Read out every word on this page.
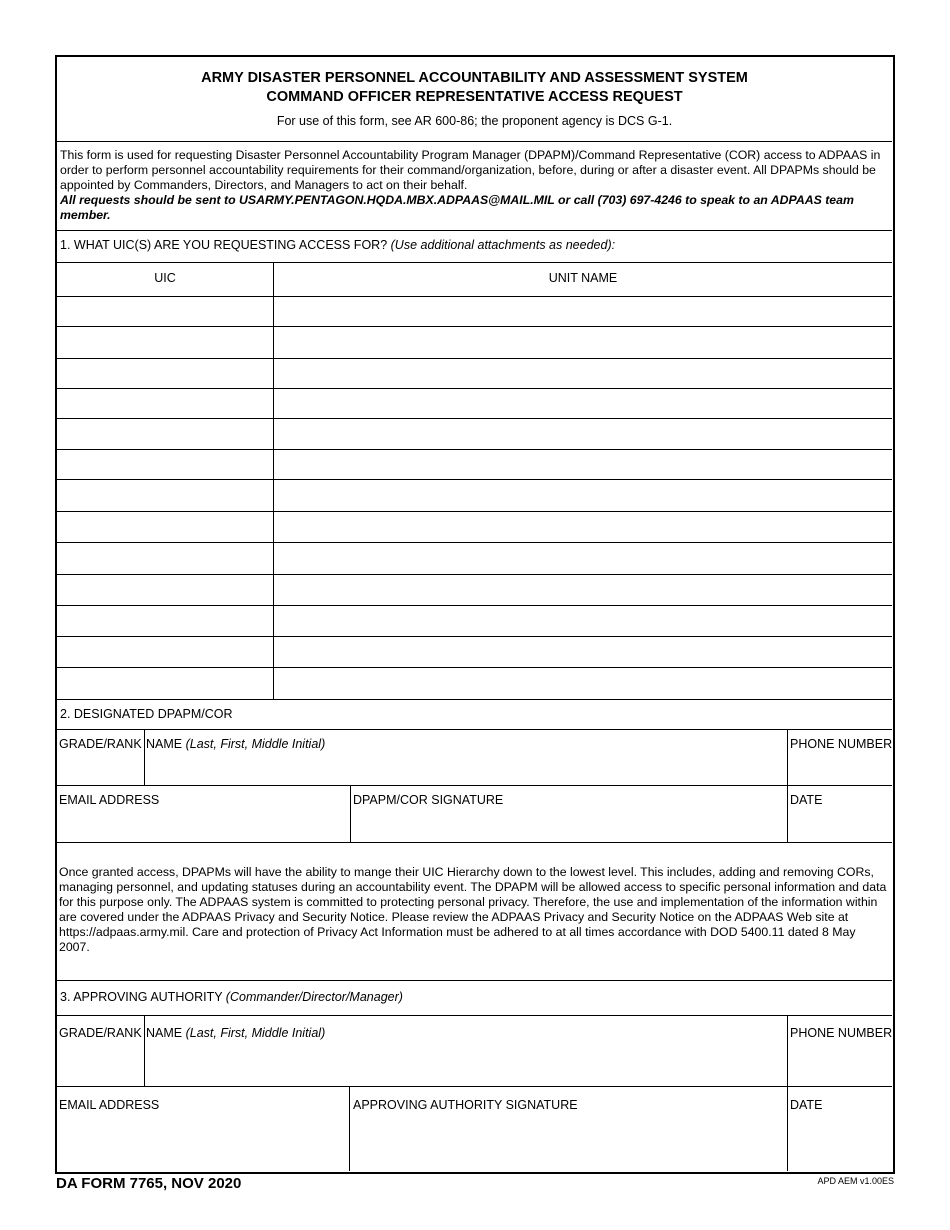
ARMY DISASTER PERSONNEL ACCOUNTABILITY AND ASSESSMENT SYSTEM
COMMAND OFFICER REPRESENTATIVE ACCESS REQUEST
For use of this form, see AR 600-86; the proponent agency is DCS G-1.
This form is used for requesting Disaster Personnel Accountability Program Manager (DPAPM)/Command Representative (COR) access to ADPAAS in order to perform personnel accountability requirements for their command/organization, before, during or after a disaster event. All DPAPMs should be appointed by Commanders, Directors, and Managers to act on their behalf.
All requests should be sent to USARMY.PENTAGON.HQDA.MBX.ADPAAS@MAIL.MIL or call (703) 697-4246 to speak to an ADPAAS team member.
1. WHAT UIC(S) ARE YOU REQUESTING ACCESS FOR? (Use additional attachments as needed):
UIC	UNIT NAME
2. DESIGNATED DPAPM/COR
GRADE/RANK NAME (Last, First, Middle Initial)	PHONE NUMBER
EMAIL ADDRESS	DPAPM/COR SIGNATURE	DATE
Once granted access, DPAPMs will have the ability to mange their UIC Hierarchy down to the lowest level. This includes, adding and removing CORs, managing personnel, and updating statuses during an accountability event. The DPAPM will be allowed access to specific personal information and data for this purpose only. The ADPAAS system is committed to protecting personal privacy. Therefore, the use and implementation of the information within are covered under the ADPAAS Privacy and Security Notice. Please review the ADPAAS Privacy and Security Notice on the ADPAAS Web site at https://adpaas.army.mil. Care and protection of Privacy Act Information must be adhered to at all times accordance with DOD 5400.11 dated 8 May 2007.
3. APPROVING AUTHORITY (Commander/Director/Manager)
GRADE/RANK NAME (Last, First, Middle Initial)	PHONE NUMBER
EMAIL ADDRESS	APPROVING AUTHORITY SIGNATURE	DATE
DA FORM 7765, NOV 2020	APD AEM v1.00ES
